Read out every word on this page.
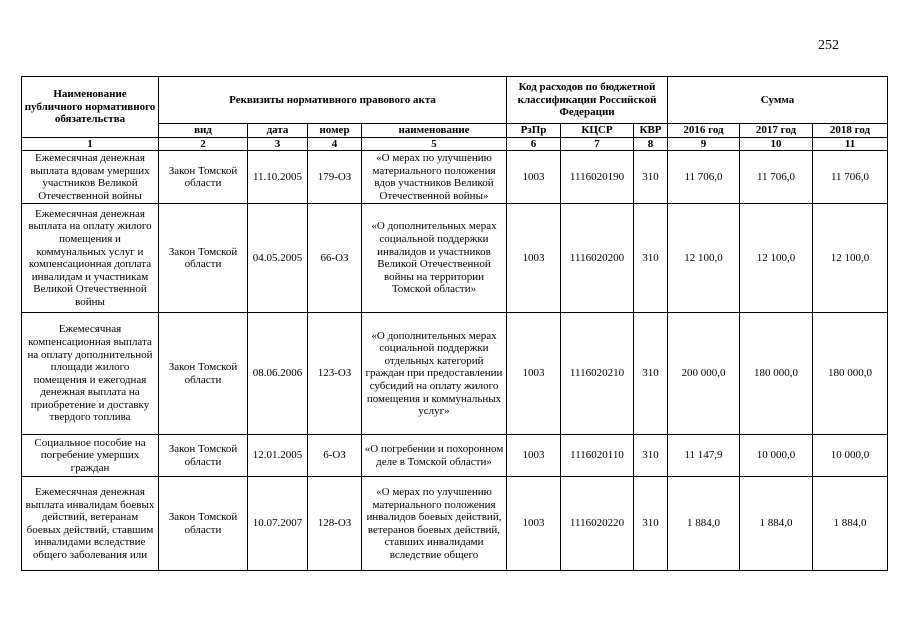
252
Наименование публичного нормативного обязательства	Реквизиты нормативного правового акта				Код расходов по бюджетной классификации Российской Федерации			Сумма		
	вид	дата	номер	наименование	РзПр	КЦСР	КВР	2016 год	2017 год	2018 год
1	2	3	4	5	6	7	8	9	10	11
Ежемесячная денежная выплата вдовам умерших участников Великой Отечественной войны	Закон Томской области	11.10.2005	179-ОЗ	«О мерах по улучшению материального положения вдов участников Великой Отечественной войны»	1003	1116020190	310	11 706,0	11 706,0	11 706,0
Ежемесячная денежная выплата на оплату жилого помещения и коммунальных услуг и компенсационная доплата инвалидам и участникам Великой Отечественной войны	Закон Томской области	04.05.2005	66-ОЗ	«О дополнительных мерах социальной поддержки инвалидов и участников Великой Отечественной войны на территории Томской области»	1003	1116020200	310	12 100,0	12 100,0	12 100,0
Ежемесячная компенсационная выплата на оплату дополнительной площади жилого помещения и ежегодная денежная выплата на приобретение и доставку твердого топлива	Закон Томской области	08.06.2006	123-ОЗ	«О дополнительных мерах социальной поддержки отдельных категорий граждан при предоставлении субсидий на оплату жилого помещения и коммунальных услуг»	1003	1116020210	310	200 000,0	180 000,0	180 000,0
Социальное пособие на погребение умерших граждан	Закон Томской области	12.01.2005	6-ОЗ	«О погребении и похоронном деле в Томской области»	1003	1116020110	310	11 147,9	10 000,0	10 000,0
Ежемесячная денежная выплата инвалидам боевых действий, ветеранам боевых действий, ставшим инвалидами вследствие общего заболевания или	Закон Томской области	10.07.2007	128-ОЗ	«О мерах по улучшению материального положения инвалидов боевых действий, ветеранов боевых действий, ставших инвалидами вследствие общего	1003	1116020220	310	1 884,0	1 884,0	1 884,0
